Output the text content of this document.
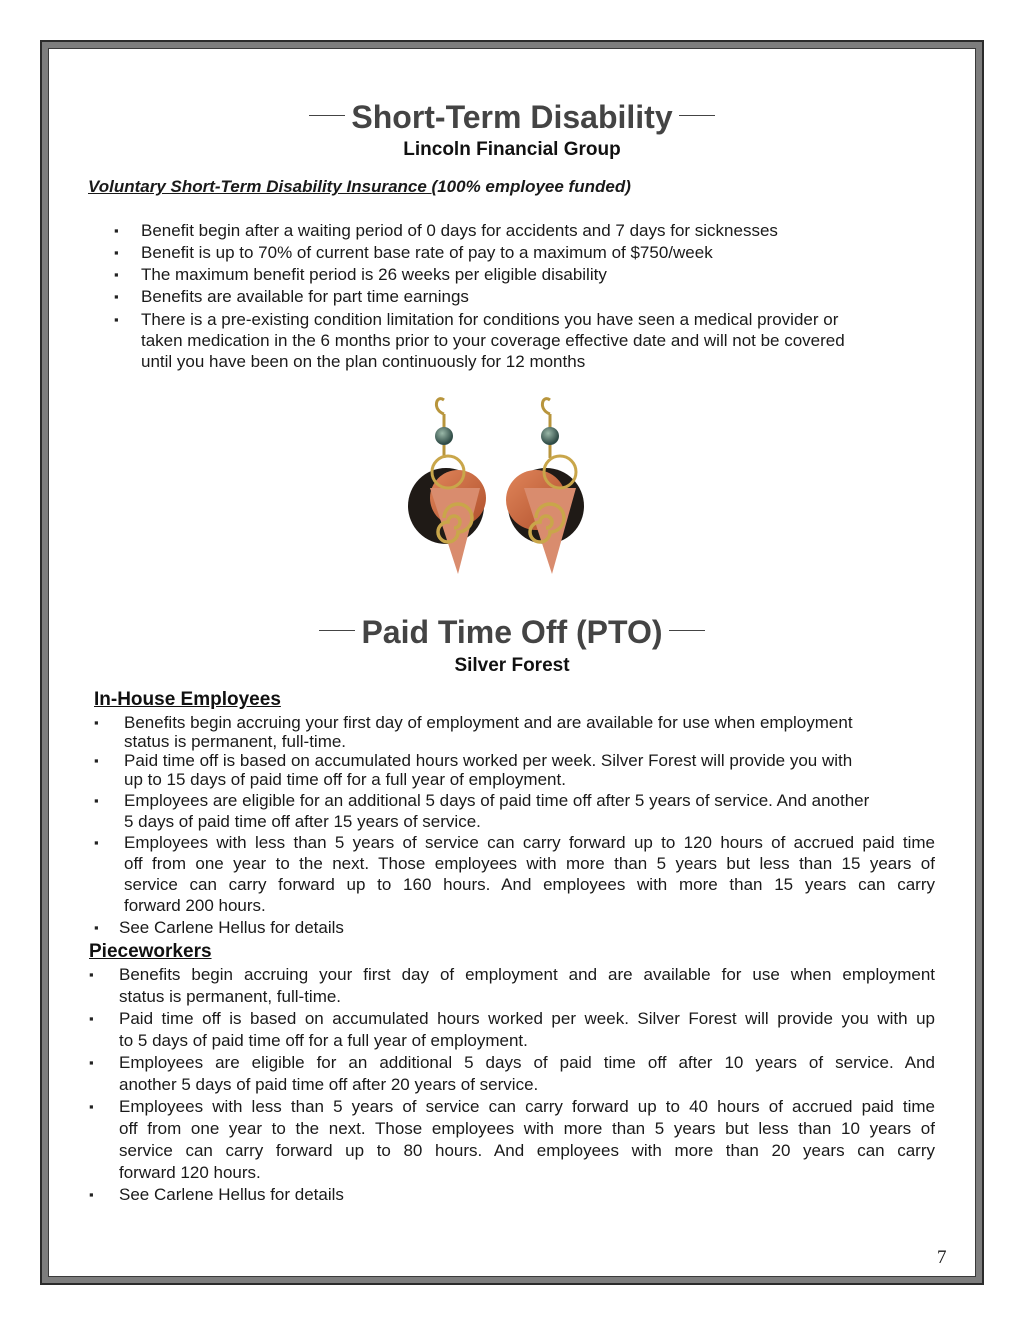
Short-Term Disability
Lincoln Financial Group
Voluntary Short-Term Disability Insurance (100% employee funded)
▪ Benefit begin after a waiting period of 0 days for accidents and 7 days for sicknesses
▪ Benefit is up to 70% of current base rate of pay to a maximum of $750/week
▪ The maximum benefit period is 26 weeks per eligible disability
▪ Benefits are available for part time earnings
▪ There is a pre-existing condition limitation for conditions you have seen a medical provider or
taken medication in the 6 months prior to your coverage effective date and will not be covered
until you have been on the plan continuously for 12 months
Paid Time Off (PTO)
Silver Forest
In-House Employees
▪ Benefits begin accruing your first day of employment and are available for use when employment
status is permanent, full-time.
▪ Paid time off is based on accumulated hours worked per week. Silver Forest will provide you with
up to 15 days of paid time off for a full year of employment.
▪ Employees are eligible for an additional 5 days of paid time off after 5 years of service. And another
5 days of paid time off after 15 years of service.
▪ Employees with less than 5 years of service can carry forward up to 120 hours of accrued paid time
off from one year to the next. Those employees with more than 5 years but less than 15 years of
service can carry forward up to 160 hours. And employees with more than 15 years can carry
forward 200 hours.
▪ See Carlene Hellus for details
Pieceworkers
▪ Benefits begin accruing your first day of employment and are available for use when employment
status is permanent, full-time.
▪ Paid time off is based on accumulated hours worked per week. Silver Forest will provide you with up
to 5 days of paid time off for a full year of employment.
▪ Employees are eligible for an additional 5 days of paid time off after 10 years of service. And
another 5 days of paid time off after 20 years of service.
▪ Employees with less than 5 years of service can carry forward up to 40 hours of accrued paid time
off from one year to the next. Those employees with more than 5 years but less than 10 years of
service can carry forward up to 80 hours. And employees with more than 20 years can carry
forward 120 hours.
▪ See Carlene Hellus for details
7
